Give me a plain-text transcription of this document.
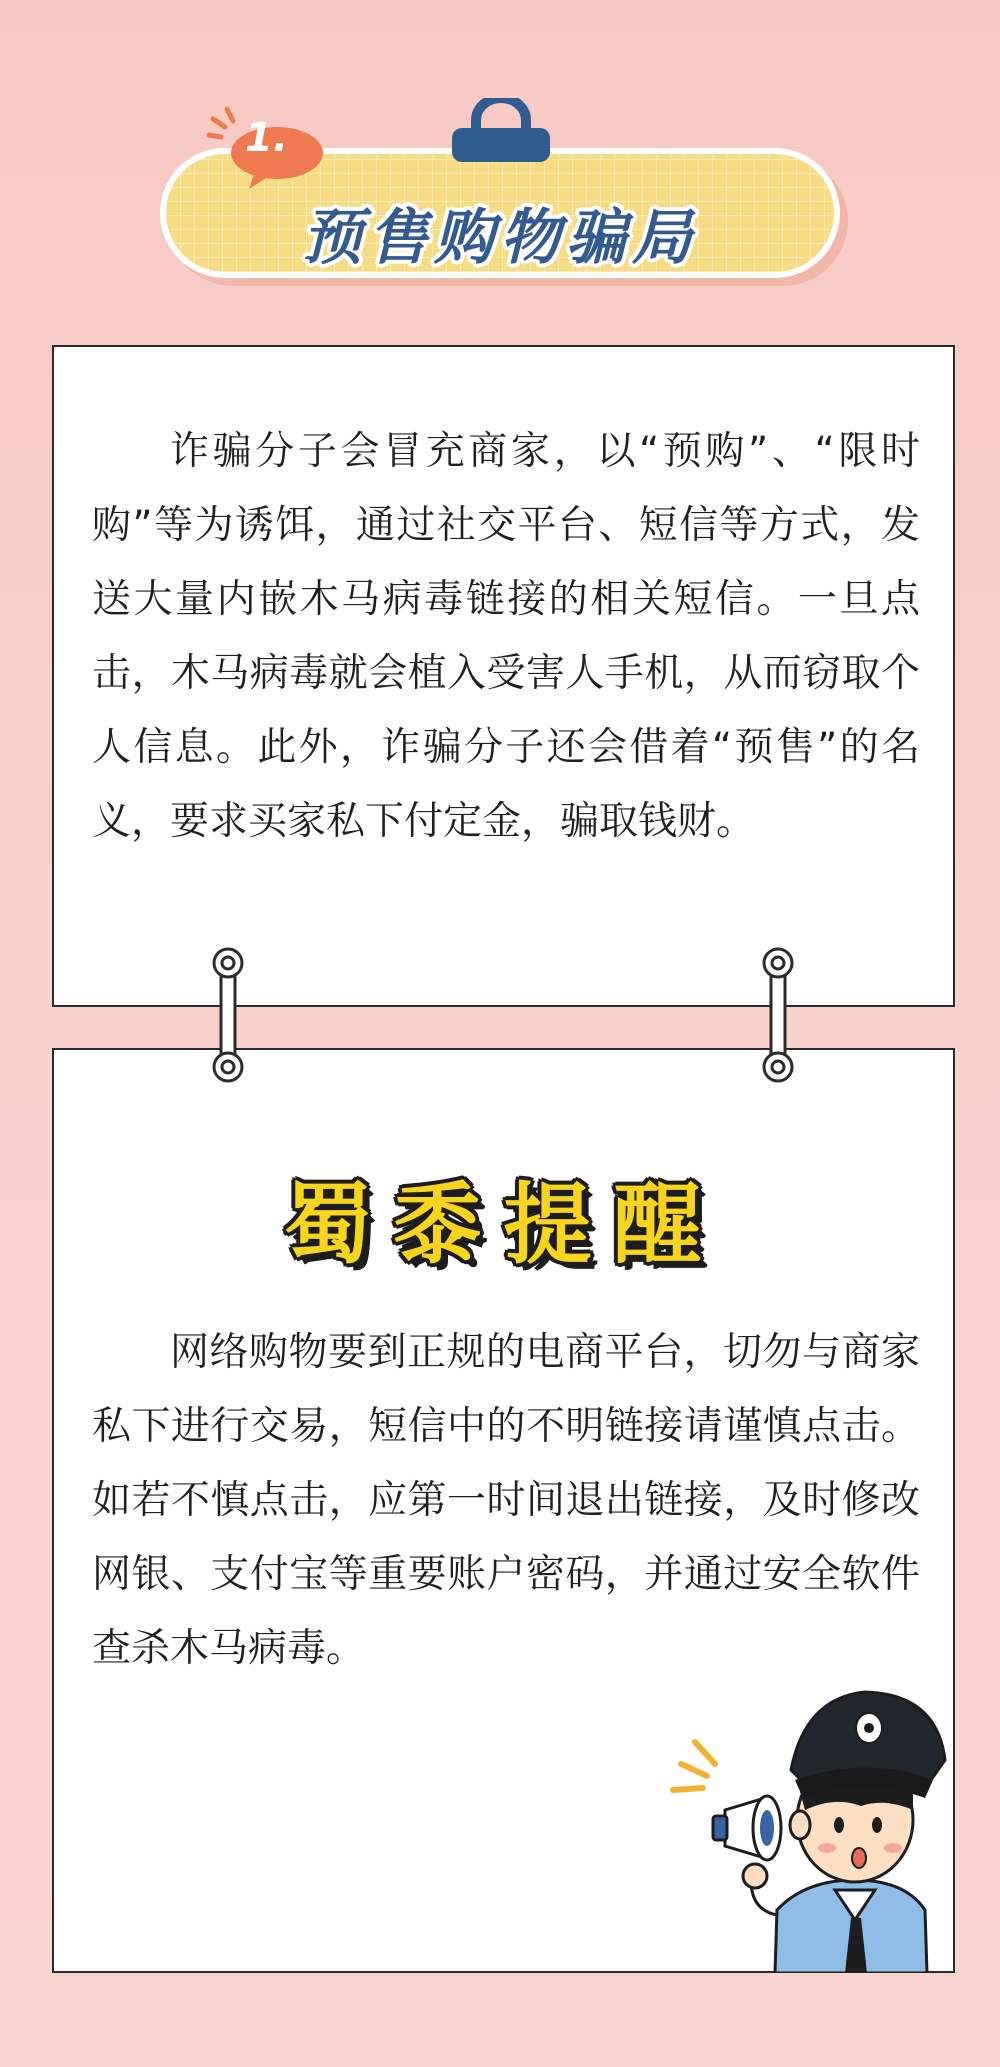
1.
预售购物骗局

诈骗分子会冒充商家，以“预购”、“限时购”等为诱饵，通过社交平台、短信等方式，发送大量内嵌木马病毒链接的相关短信。一旦点击，木马病毒就会植入受害人手机，从而窃取个人信息。此外，诈骗分子还会借着“预售”的名义，要求买家私下付定金，骗取钱财。

蜀黍提醒

网络购物要到正规的电商平台，切勿与商家私下进行交易，短信中的不明链接请谨慎点击。如若不慎点击，应第一时间退出链接，及时修改网银、支付宝等重要账户密码，并通过安全软件查杀木马病毒。
